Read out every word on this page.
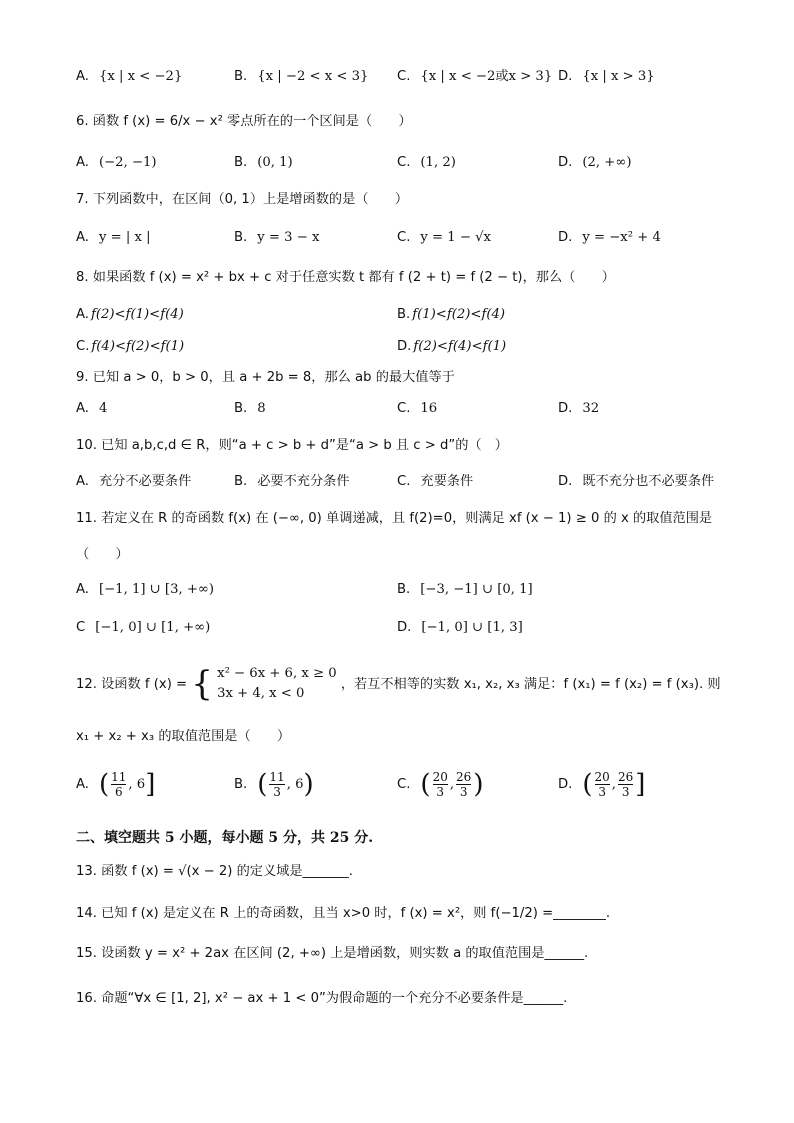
A. {x | x < −2}	B. {x | −2 < x < 3} C. {x | x < −2或x > 3} D. {x | x > 3}
6. 函数 f (x) = 6/x − x² 零点所在的一个区间是（　　）
A. (−2, −1)	B. (0, 1)	C. (1, 2)	D. (2, +∞)
7. 下列函数中，在区间（0, 1）上是增函数的是（　　）
A. y = | x |	B. y = 3 − x	C. y = 1 − √x	D. y = −x² + 4
8. 如果函数 f (x) = x² + bx + c 对于任意实数 t 都有 f (2 + t) = f (2 − t)，那么（　　）
A. f(2)<f(1)<f(4)	B. f(1)<f(2)<f(4)
C. f(4)<f(2)<f(1)	D. f(2)<f(4)<f(1)
9. 已知 a > 0，b > 0，且 a + 2b = 8，那么 ab 的最大值等于
A. 4	B. 8	C. 16	D. 32
10. 已知 a,b,c,d ∈ R，则“a + c > b + d”是“a > b 且 c > d”的（　）
A. 充分不必要条件	B. 必要不充分条件	C. 充要条件	D. 既不充分也不必要条件
11. 若定义在 R 的奇函数 f(x) 在 (−∞, 0) 单调递减，且 f(2)=0，则满足 xf (x − 1) ≥ 0 的 x 的取值范围是
（　　）
A. [−1, 1] ∪ [3, +∞)	B. [−3, −1] ∪ [0, 1]
C [−1, 0] ∪ [1, +∞)	D. [−1, 0] ∪ [1, 3]
12. 设函数 f (x) = { x² − 6x + 6, x ≥ 0
3x + 4, x < 0
，若互不相等的实数 x₁, x₂, x₃ 满足：f (x₁) = f (x₂) = f (x₃). 则
x₁ + x₂ + x₃ 的取值范围是（　　）
A. ( $\frac{11}{6}$ , 6]	B. ( $\frac{11}{3}$ , 6)	C. ( $\frac{20}{3}$ , $\frac{26}{3}$ )	D. ( $\frac{20}{3}$ , $\frac{26}{3}$ ]
二、填空题共 5 小题，每小题 5 分，共 25 分.
13. 函数 f (x) = √(x − 2) 的定义域是_______.
14. 已知 f (x) 是定义在 R 上的奇函数，且当 x>0 时，f (x) = x²，则 f(−1/2) =________.
15. 设函数 y = x² + 2ax 在区间 (2, +∞) 上是增函数，则实数 a 的取值范围是______.
16. 命题“∀x ∈ [1, 2], x² − ax + 1 < 0”为假命题的一个充分不必要条件是______.
